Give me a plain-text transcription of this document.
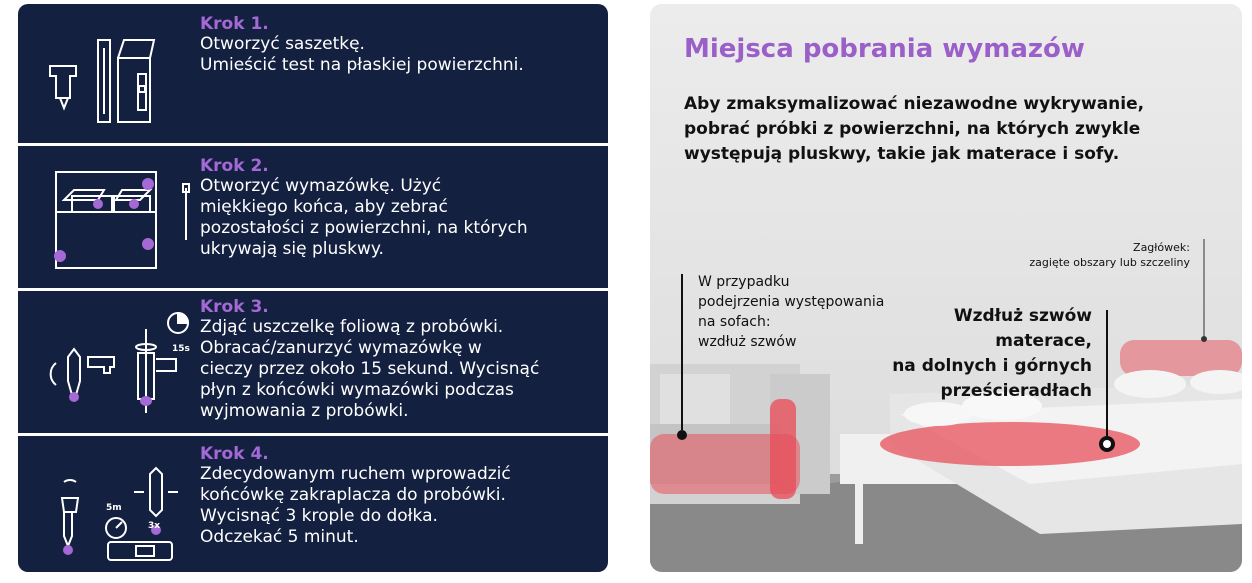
Krok 1.
Otworzyć saszetkę.
Umieścić test na płaskiej powierzchni.
Krok 2.
Otworzyć wymazówkę. Użyć
miękkiego końca, aby zebrać
pozostałości z powierzchni, na których
ukrywają się pluskwy.
15s
Krok 3.
Zdjąć uszczelkę foliową z probówki.
Obracać/zanurzyć wymazówkę w
cieczy przez około 15 sekund. Wycisnąć
płyn z końcówki wymazówki podczas
wyjmowania z probówki.
5m
3x
Krok 4.
Zdecydowanym ruchem wprowadzić
końcówkę zakraplacza do probówki.
Wycisnąć 3 krople do dołka.
Odczekać 5 minut.
Miejsca pobrania wymazów
Aby zmaksymalizować niezawodne wykrywanie,
pobrać próbki z powierzchni, na których zwykle
występują pluskwy, takie jak materace i sofy.
W przypadku
podejrzenia występowania
na sofach:
wzdłuż szwów
Zagłówek:
zagięte obszary lub szczeliny
Wzdłuż szwów
materace,
na dolnych i górnych
prześcieradłach
